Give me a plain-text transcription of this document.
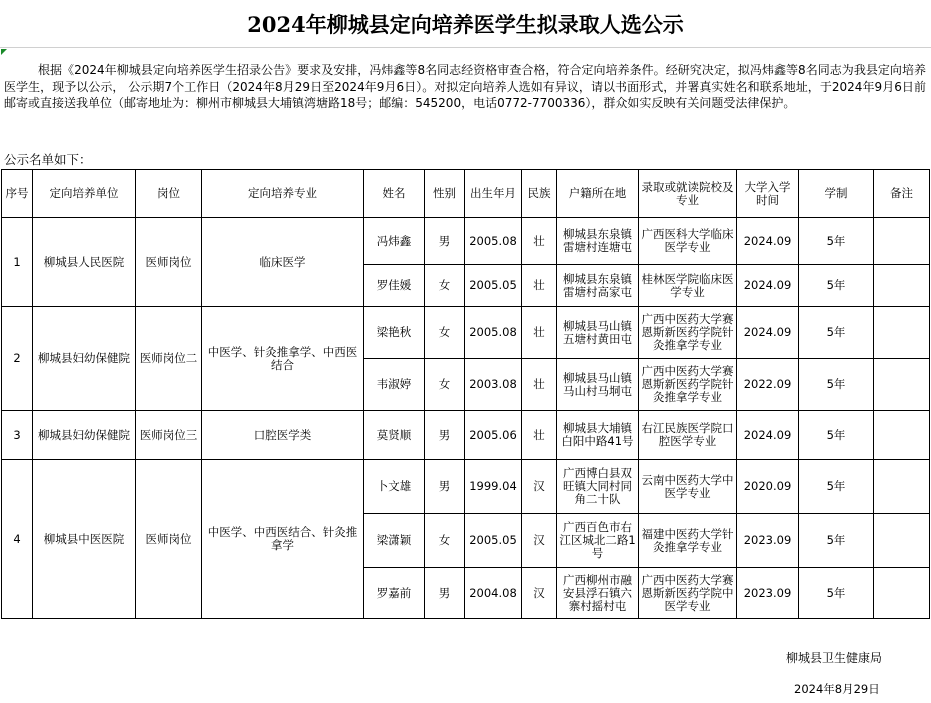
2024年柳城县定向培养医学生拟录取人选公示
根据《2024年柳城县定向培养医学生招录公告》要求及安排，冯炜鑫等8名同志经资格审查合格，符合定向培养条件。经研究决定，拟冯炜鑫等8名同志为我县定向培养医学生，现予以公示， 公示期7个工作日（2024年8月29日至2024年9月6日）。对拟定向培养人选如有异议，请以书面形式，并署真实姓名和联系地址，于2024年9月6日前邮寄或直接送我单位（邮寄地址为：柳州市柳城县大埔镇湾塘路18号；邮编：545200，电话0772-7700336），群众如实反映有关问题受法律保护。
公示名单如下：
序号	定向培养单位	岗位	定向培养专业	姓名	性别	出生年月	民族	户籍所在地	录取或就读院校及专业	大学入学时间	学制	备注
1	柳城县人民医院	医师岗位	临床医学	冯炜鑫	男	2005.08	壮	柳城县东泉镇雷塘村连塘屯	广西医科大学临床医学专业	2024.09	5年	
				罗佳媛	女	2005.05	壮	柳城县东泉镇雷塘村高家屯	桂林医学院临床医学专业	2024.09	5年	
2	柳城县妇幼保健院	医师岗位二	中医学、针灸推拿学、中西医结合	梁艳秋	女	2005.08	壮	柳城县马山镇五塘村黄田屯	广西中医药大学赛恩斯新医药学院针灸推拿学专业	2024.09	5年	
				韦淑婷	女	2003.08	壮	柳城县马山镇马山村马垌屯	广西中医药大学赛恩斯新医药学院针灸推拿学专业	2022.09	5年	
3	柳城县妇幼保健院	医师岗位三	口腔医学类	莫贤顺	男	2005.06	壮	柳城县大埔镇白阳中路41号	右江民族医学院口腔医学专业	2024.09	5年	
4	柳城县中医医院	医师岗位	中医学、中西医结合、针灸推拿学	卜文雄	男	1999.04	汉	广西博白县双旺镇大同村同角二十队	云南中医药大学中医学专业	2020.09	5年	
				梁潇颖	女	2005.05	汉	广西百色市右江区城北二路1号	福建中医药大学针灸推拿学专业	2023.09	5年	
				罗嘉前	男	2004.08	汉	广西柳州市融安县浮石镇六寨村摇村屯	广西中医药大学赛恩斯新医药学院中医学专业	2023.09	5年	
柳城县卫生健康局
2024年8月29日
